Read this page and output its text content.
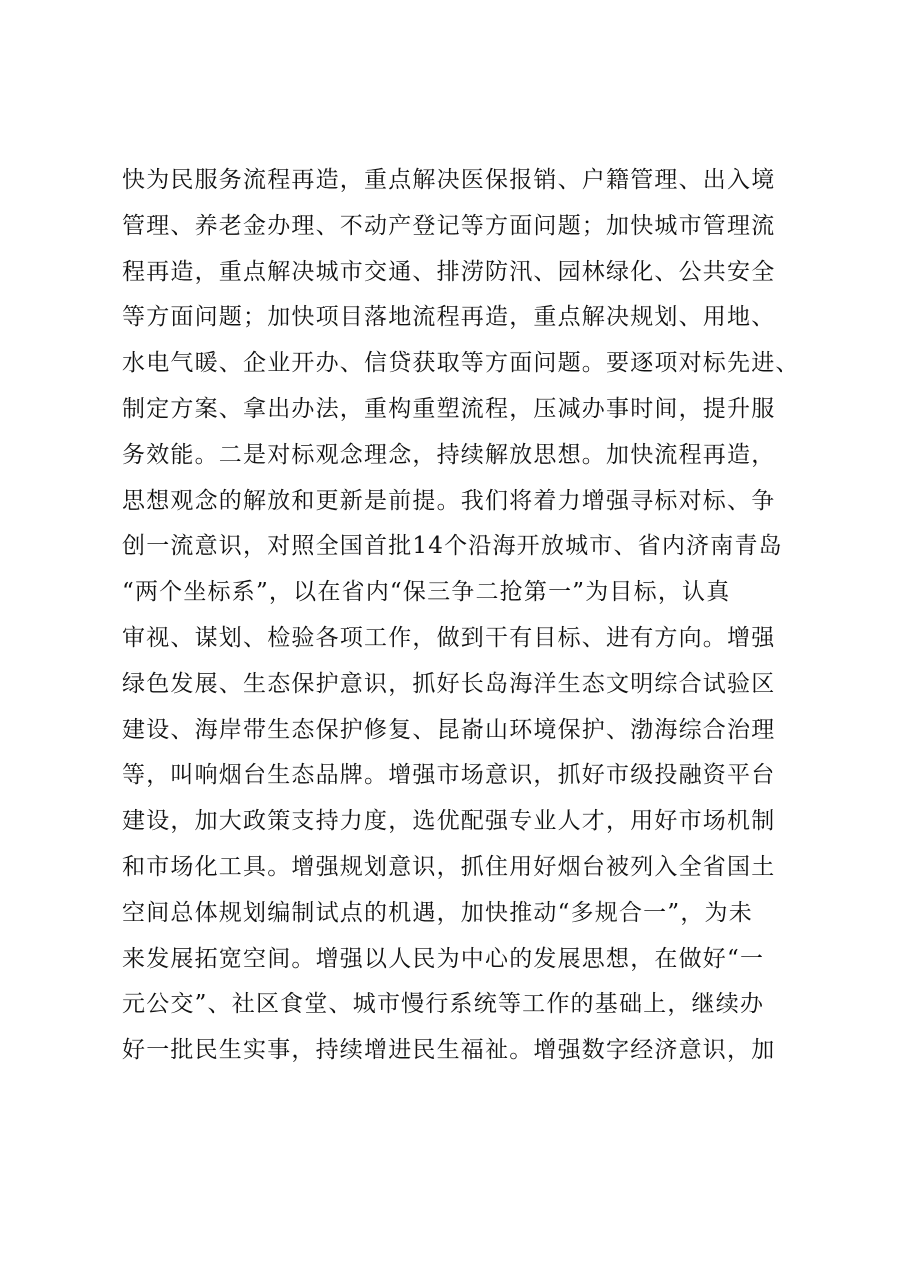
快为民服务流程再造，重点解决医保报销、户籍管理、出入境
管理、养老金办理、不动产登记等方面问题；加快城市管理流
程再造，重点解决城市交通、排涝防汛、园林绿化、公共安全
等方面问题；加快项目落地流程再造，重点解决规划、用地、
水电气暖、企业开办、信贷获取等方面问题。要逐项对标先进、
制定方案、拿出办法，重构重塑流程，压减办事时间，提升服
务效能。二是对标观念理念，持续解放思想。加快流程再造，
思想观念的解放和更新是前提。我们将着力增强寻标对标、争
创一流意识，对照全国首批14个沿海开放城市、省内济南青岛
“两个坐标系”，以在省内“保三争二抢第一”为目标，认真
审视、谋划、检验各项工作，做到干有目标、进有方向。增强
绿色发展、生态保护意识，抓好长岛海洋生态文明综合试验区
建设、海岸带生态保护修复、昆嵛山环境保护、渤海综合治理
等，叫响烟台生态品牌。增强市场意识，抓好市级投融资平台
建设，加大政策支持力度，选优配强专业人才，用好市场机制
和市场化工具。增强规划意识，抓住用好烟台被列入全省国土
空间总体规划编制试点的机遇，加快推动“多规合一”，为未
来发展拓宽空间。增强以人民为中心的发展思想，在做好“一
元公交”、社区食堂、城市慢行系统等工作的基础上，继续办
好一批民生实事，持续增进民生福祉。增强数字经济意识，加
